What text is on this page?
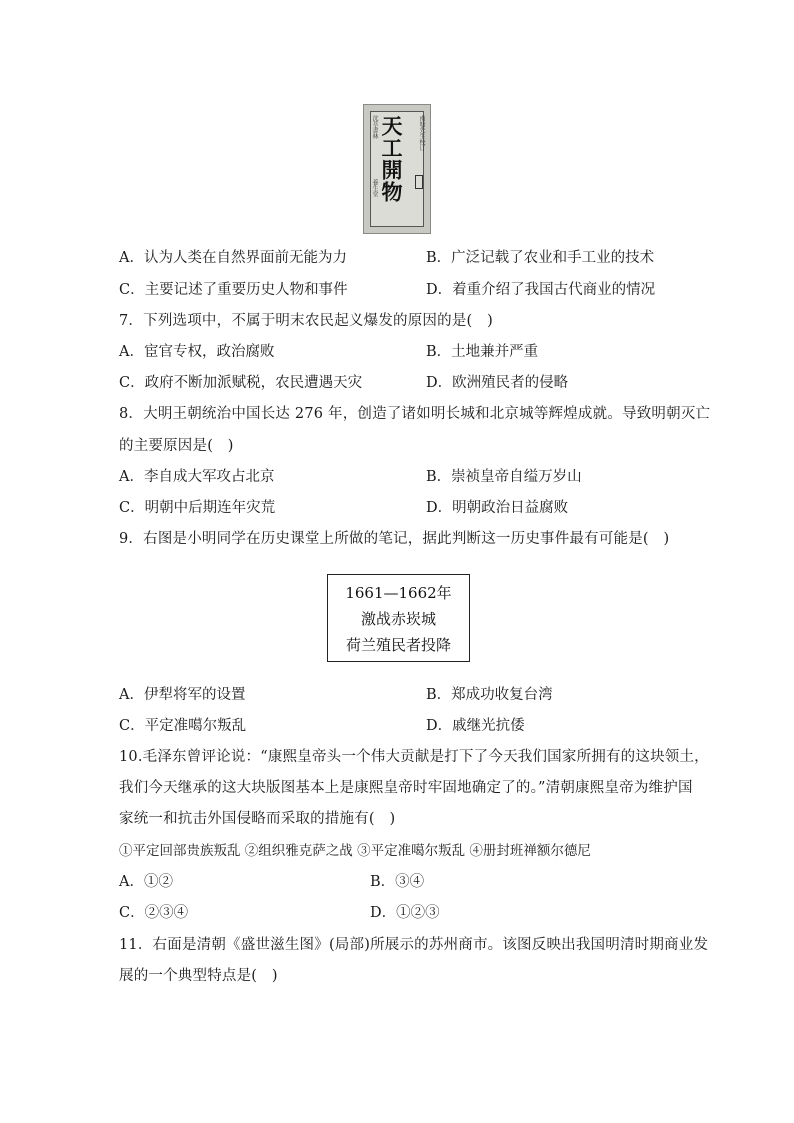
天工開物 南塘先生校订
沈萃書林
養生堂
A．认为人类在自然界面前无能为力	B．广泛记载了农业和手工业的技术
C．主要记述了重要历史人物和事件	D．着重介绍了我国古代商业的情况
7．下列选项中，不属于明末农民起义爆发的原因的是(　)
A．宦官专权，政治腐败	B．土地兼并严重
C．政府不断加派赋税，农民遭遇天灾	D．欧洲殖民者的侵略
8．大明王朝统治中国长达 276 年，创造了诸如明长城和北京城等辉煌成就。导致明朝灭亡
的主要原因是(　)
A．李自成大军攻占北京	B．崇祯皇帝自缢万岁山
C．明朝中后期连年灾荒	D．明朝政治日益腐败
9．右图是小明同学在历史课堂上所做的笔记，据此判断这一历史事件最有可能是(　)
1661—1662年
激战赤崁城
荷兰殖民者投降
A．伊犁将军的设置	B．郑成功收复台湾
C．平定准噶尔叛乱	D．戚继光抗倭
10.毛泽东曾评论说：“康熙皇帝头一个伟大贡献是打下了今天我们国家所拥有的这块领土，
我们今天继承的这大块版图基本上是康熙皇帝时牢固地确定了的。”清朝康熙皇帝为维护国
家统一和抗击外国侵略而采取的措施有(　)
①平定回部贵族叛乱 ②组织雅克萨之战 ③平定准噶尔叛乱 ④册封班禅额尔德尼
A．①②	B．③④
C．②③④	D．①②③
11．右面是清朝《盛世滋生图》(局部)所展示的苏州商市。该图反映出我国明清时期商业发
展的一个典型特点是(　)
